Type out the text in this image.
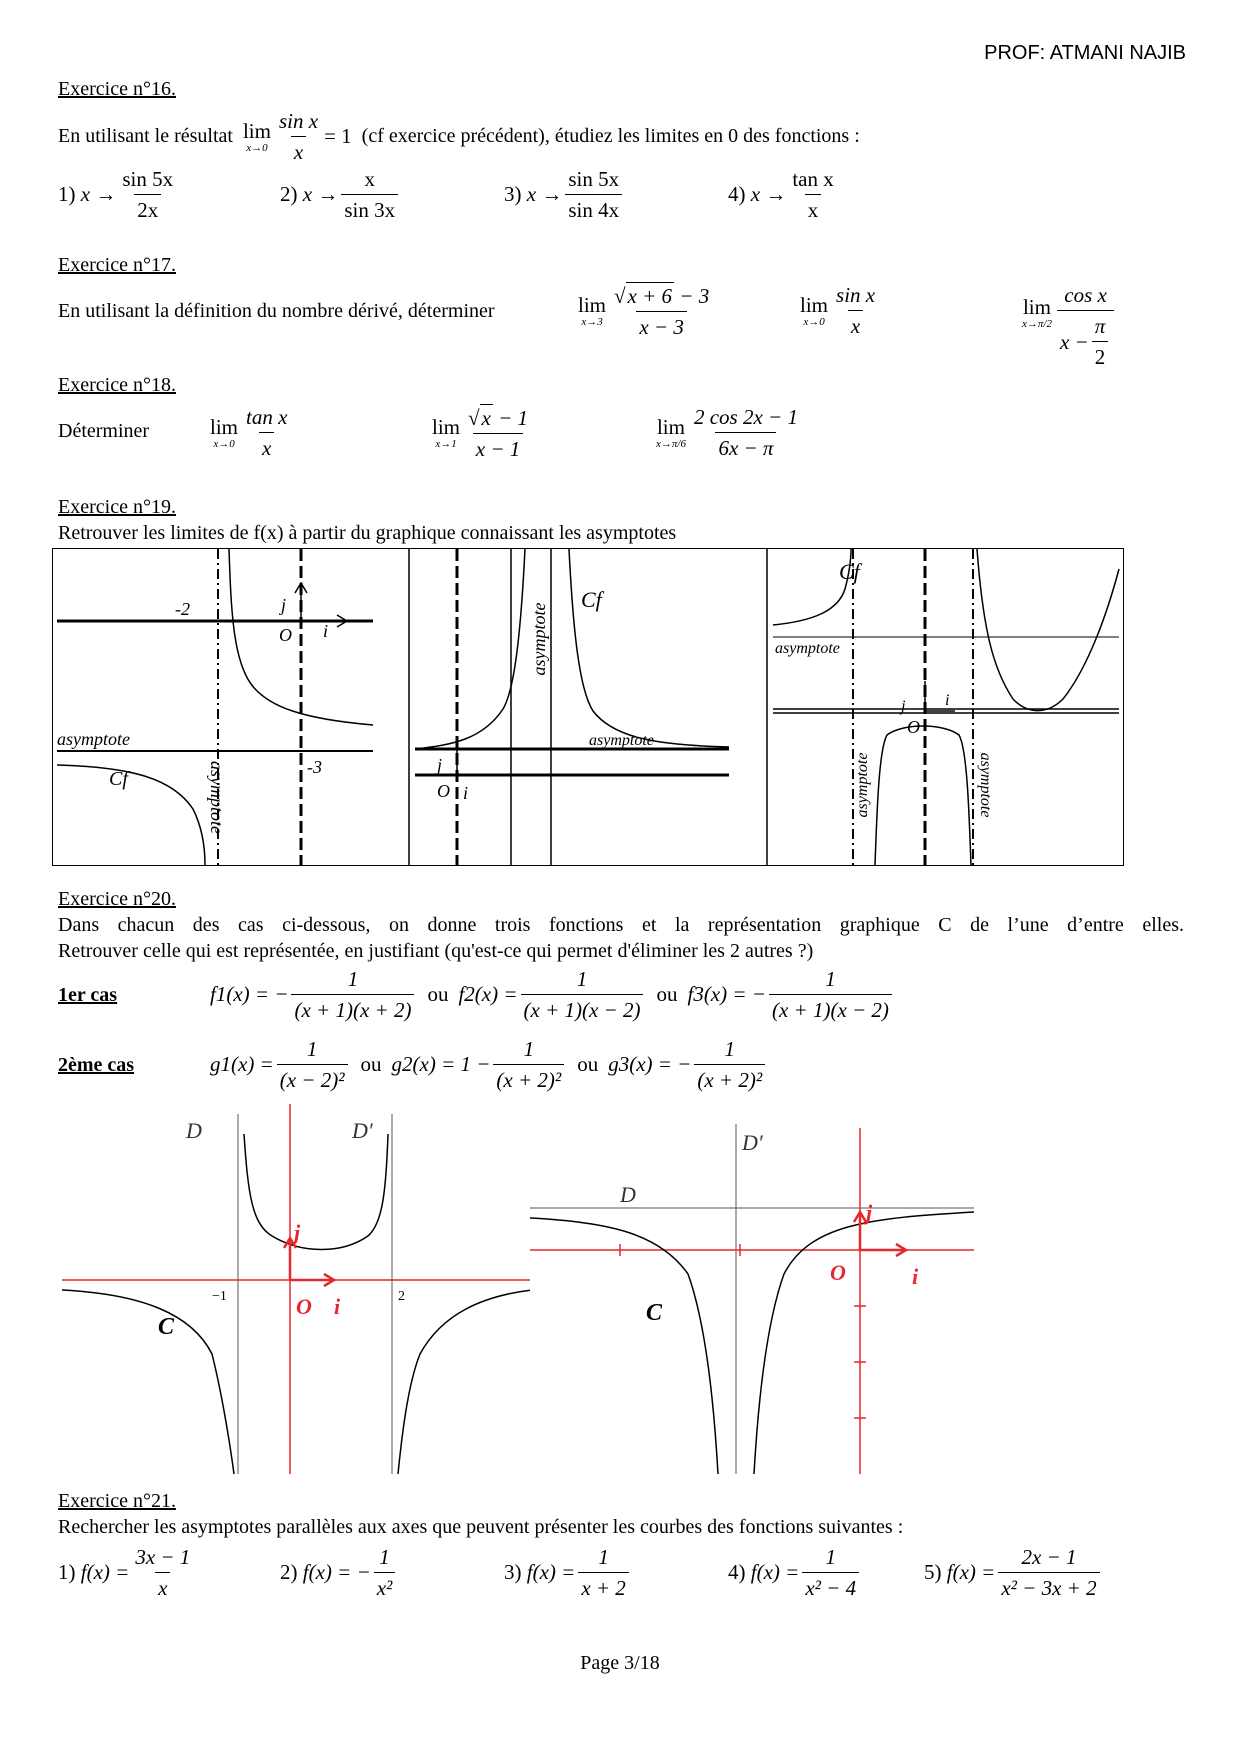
PROF: ATMANI NAJIB
Exercice n°16.
En utilisant le résultat lim
$x\to 0 \frac{\text{sin x}}{x} = 1$ (cf exercice précédent), étudiez les limites en 0 des fonctions :
1)
$x \to \frac{\sin 5x}{2x}$	2)
$x \to \frac{x}{\sin 3x}$	3)
$x \to \frac{\sin 5x}{\sin 4x}$	4)
$x \to \frac{\text{tan x}}{x}$
Exercice n°17.
En utilisant la définition du nombre dérivé, déterminer	lim
$x\to 3 \frac{√x + 6 - 3}{x - 3}$	lim
$x\to 0 \frac{\text{sin x}}{x}$	lim
$x\to\pi/2 \frac{\text{cos x}}{x - \frac{\pi}{2}}$
Exercice n°18.
Déterminer	lim
$x\to 0 \frac{\text{tan x}}{x}$	lim
$x\to 1 \frac{√x - 1}{x - 1}$	lim
$x\to\pi/6 \frac{2 \cos 2x - 1}{6x - \pi}$
Exercice n°19.
Retrouver les limites de f(x) à partir du graphique connaissant les asymptotes
-2	j
i
O
asymptote
-3
Cf	asymptote
Cf
asymptote
asymptote
O
j
i
Cf
asymptote
j i
O
asymptote	asymptote
Exercice n°20.
Dans chacun des cas ci-dessous, on donne trois fonctions et la représentation graphique C de l’une d’entre elles.
Retrouver celle qui est représentée, en justifiant (qu'est-ce qui permet d'éliminer les 2 autres ?)
1er cas	f1(x) = − $\frac{1}{(x + 1)(x + 2)}$ ou $f2(x) = \frac{1}{(x + 1)(x - 2)}$ ou f3(x) = − $\frac{1}{(x + 1)(x - 2)}$
2ème cas	$g1(x) = \frac{1}{\text{(x − 2)²}}$ ou $g2(x) = 1 - \frac{1}{\text{(x + 2)²}}$ ou g3(x) = − $\frac{1}{\text{(x + 2)²}}$
D	D′
j
O i
−1	2
C
D
D′
j
O	i
C
Exercice n°21.
Rechercher les asymptotes parallèles aux axes que peuvent présenter les courbes des fonctions suivantes :
1)
$f(x) = \frac{3x - 1}{x}$	2)
f(x) = − $\frac{1}{\text{x²}}$	3)
$f(x) = \frac{1}{x + 2}$	4)
$f(x) = \frac{1}{\text{x² − 4}}$	5)
$f(x) = \frac{2x - 1}{\text{x² − 3x + 2}}$
Page 3/18
